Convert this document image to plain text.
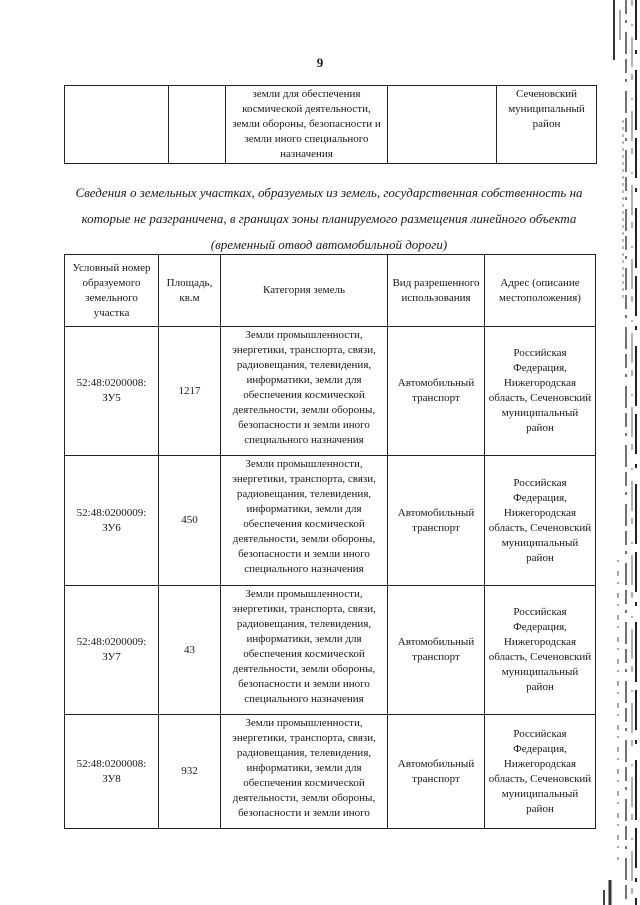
9
		земли для обеспечения космической деятельности, земли обороны, безопасности и земли иного специального назначения		Сеченовский муниципальный район
Сведения о земельных участках, образуемых из земель, государственная собственность на которые не разграничена, в границах зоны планируемого размещения линейного объекта (временный отвод автомобильной дороги)
Условный номер образуемого земельного участка	Площадь, кв.м	Категория земель	Вид разрешенного использования	Адрес (описание местоположения)
52:48:0200008: ЗУ5	1217	Земли промышленности, энергетики, транспорта, связи, радиовещания, телевидения, информатики, земли для обеспечения космической деятельности, земли обороны, безопасности и земли иного специального назначения	Автомобильный транспорт	Российская Федерация, Нижегородская область, Сеченовский муниципальный район
52:48:0200009: ЗУ6	450	Земли промышленности, энергетики, транспорта, связи, радиовещания, телевидения, информатики, земли для обеспечения космической деятельности, земли обороны, безопасности и земли иного специального назначения	Автомобильный транспорт	Российская Федерация, Нижегородская область, Сеченовский муниципальный район
52:48:0200009: ЗУ7	43	Земли промышленности, энергетики, транспорта, связи, радиовещания, телевидения, информатики, земли для обеспечения космической деятельности, земли обороны, безопасности и земли иного специального назначения	Автомобильный транспорт	Российская Федерация, Нижегородская область, Сеченовский муниципальный район
52:48:0200008: ЗУ8	932	Земли промышленности, энергетики, транспорта, связи, радиовещания, телевидения, информатики, земли для обеспечения космической деятельности, земли обороны, безопасности и земли иного	Автомобильный транспорт	Российская Федерация, Нижегородская область, Сеченовский муниципальный район
